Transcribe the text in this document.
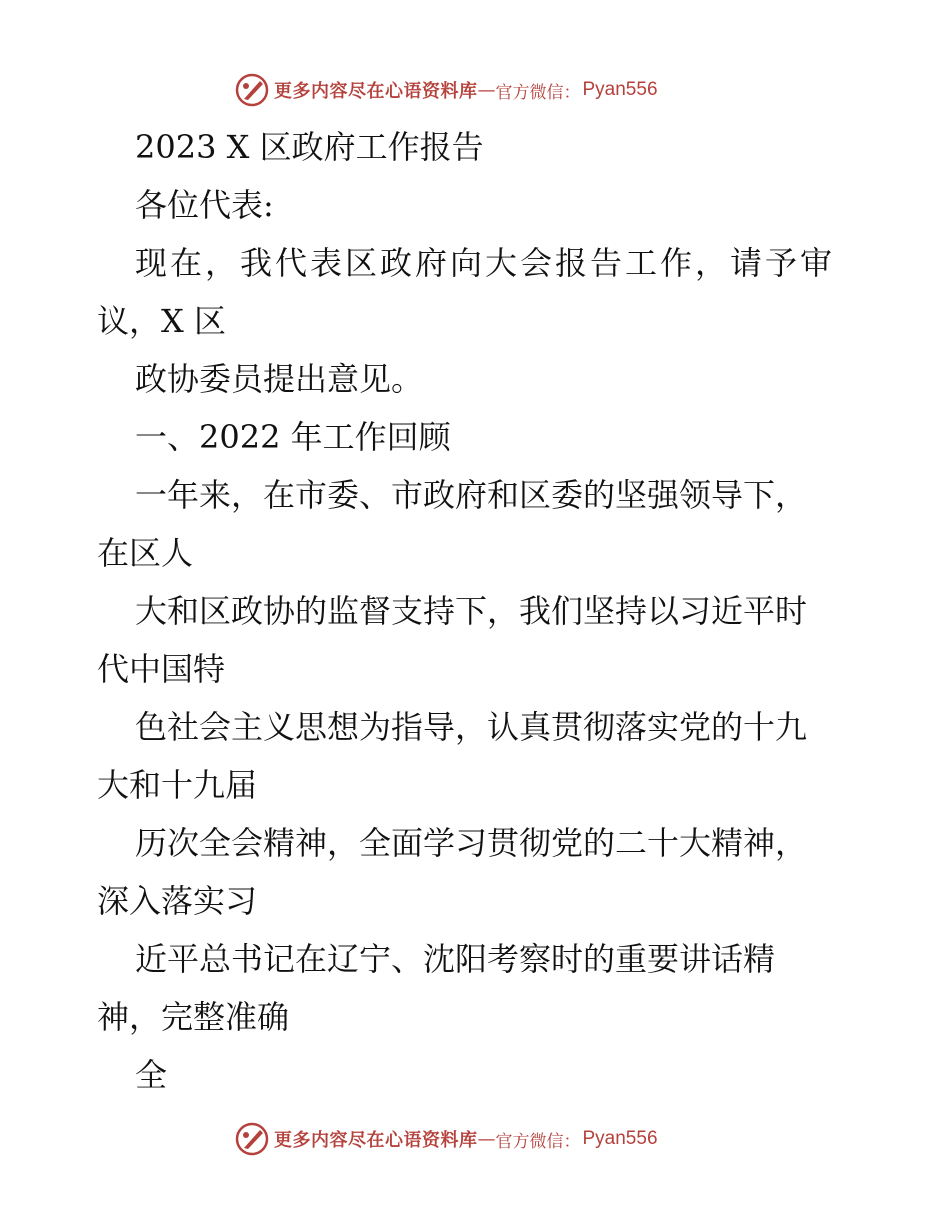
更多内容尽在心语资料库 — 官方微信： Pyan556
2023 X 区政府工作报告
各位代表:
现在，我代表区政府向大会报告工作，请予审
议，X 区
政协委员提出意见。
一、2022 年工作回顾
一年来，在市委、市政府和区委的坚强领导下，
在区人
大和区政协的监督支持下，我们坚持以习近平时
代中国特
色社会主义思想为指导，认真贯彻落实党的十九
大和十九届
历次全会精神，全面学习贯彻党的二十大精神，
深入落实习
近平总书记在辽宁、沈阳考察时的重要讲话精
神，完整准确
全
更多内容尽在心语资料库 — 官方微信： Pyan556
